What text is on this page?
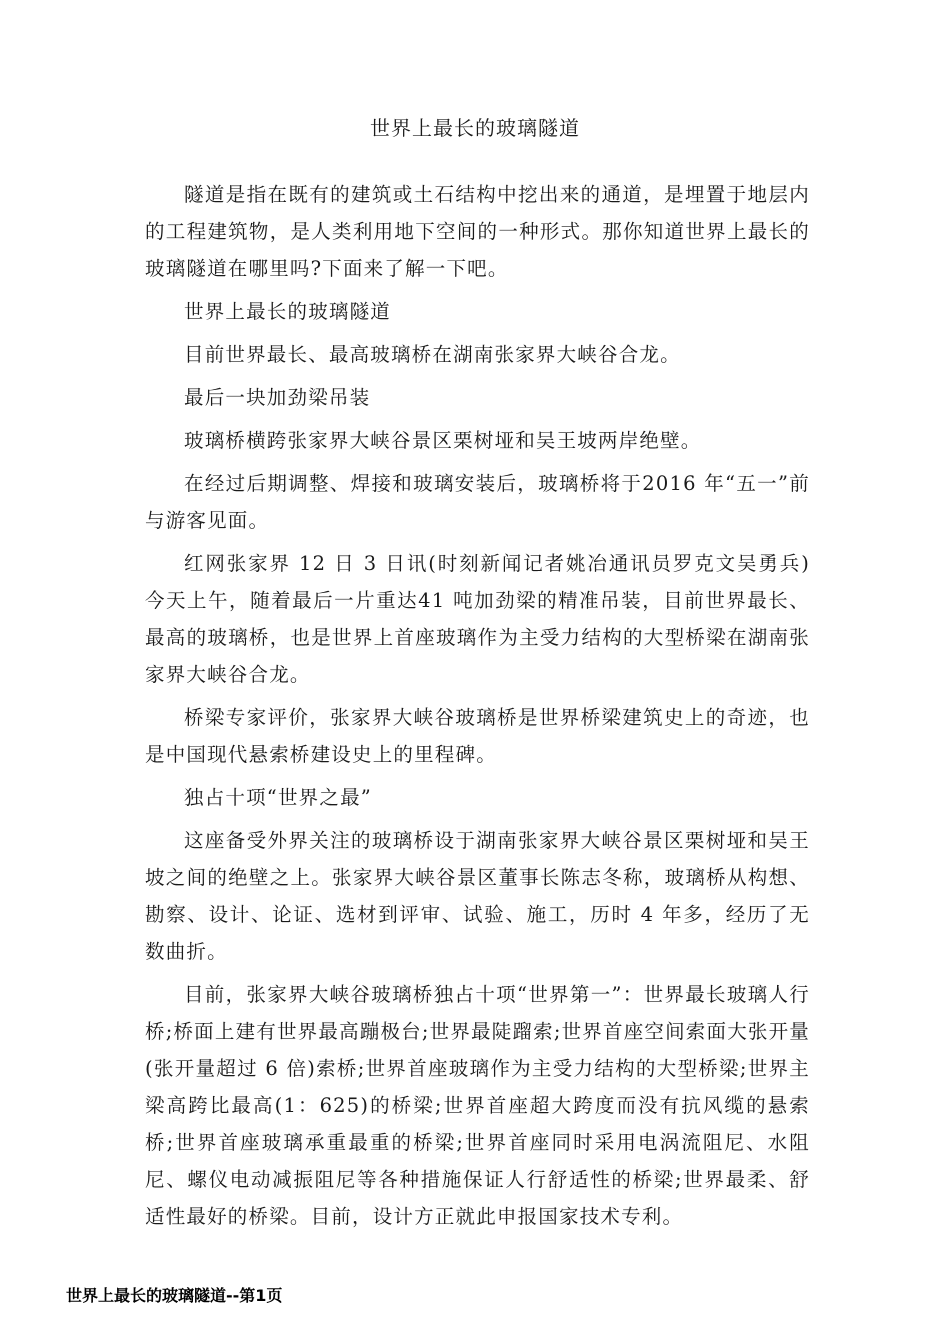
世界上最长的玻璃隧道

隧道是指在既有的建筑或土石结构中挖出来的通道，是埋置于地层内的工程建筑物，是人类利用地下空间的一种形式。那你知道世界上最长的玻璃隧道在哪里吗?下面来了解一下吧。

世界上最长的玻璃隧道

目前世界最长、最高玻璃桥在湖南张家界大峡谷合龙。

最后一块加劲梁吊装

玻璃桥横跨张家界大峡谷景区栗树垭和吴王坡两岸绝壁。

在经过后期调整、焊接和玻璃安装后，玻璃桥将于2016 年“五一”前与游客见面。

红网张家界 12 日 3 日讯(时刻新闻记者姚冶通讯员罗克文吴勇兵)今天上午，随着最后一片重达41 吨加劲梁的精准吊装，目前世界最长、最高的玻璃桥，也是世界上首座玻璃作为主受力结构的大型桥梁在湖南张家界大峡谷合龙。

桥梁专家评价，张家界大峡谷玻璃桥是世界桥梁建筑史上的奇迹，也是中国现代悬索桥建设史上的里程碑。

独占十项“世界之最”

这座备受外界关注的玻璃桥设于湖南张家界大峡谷景区栗树垭和吴王坡之间的绝壁之上。张家界大峡谷景区董事长陈志冬称，玻璃桥从构想、勘察、设计、论证、选材到评审、试验、施工，历时 4 年多，经历了无数曲折。

目前，张家界大峡谷玻璃桥独占十项“世界第一”：世界最长玻璃人行桥;桥面上建有世界最高蹦极台;世界最陡蹓索;世界首座空间索面大张开量(张开量超过 6 倍)索桥;世界首座玻璃作为主受力结构的大型桥梁;世界主梁高跨比最高(1：625)的桥梁;世界首座超大跨度而没有抗风缆的悬索桥;世界首座玻璃承重最重的桥梁;世界首座同时采用电涡流阻尼、水阻尼、螺仪电动减振阻尼等各种措施保证人行舒适性的桥梁;世界最柔、舒适性最好的桥梁。目前，设计方正就此申报国家技术专利。

世界上最长的玻璃隧道--第1页
